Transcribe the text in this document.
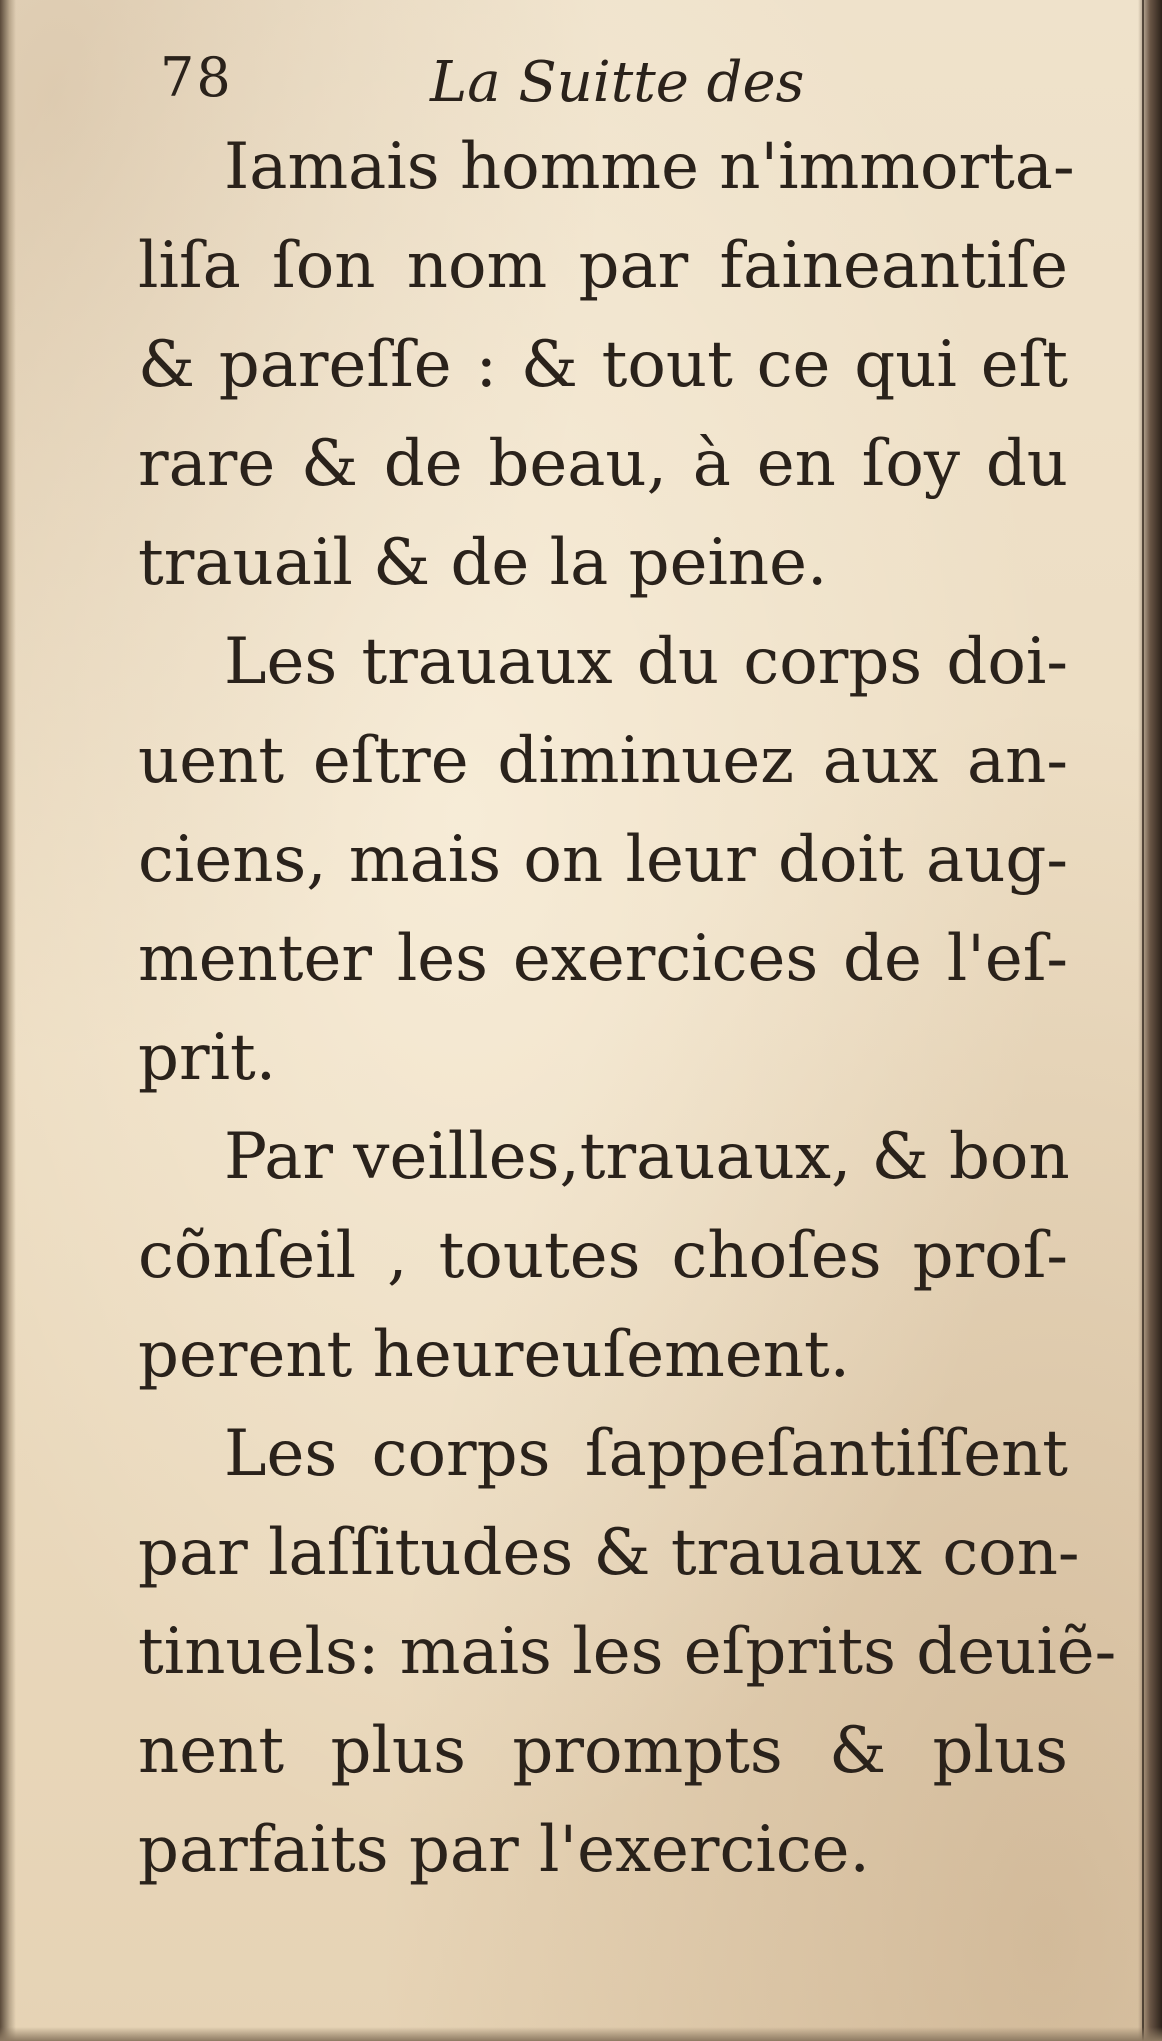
78	La Suitte des
Iamais homme n'immorta-
liſa ſon nom par faineantiſe
& pareſſe : & tout ce qui eſt
rare & de beau, à en ſoy du
trauail & de la peine.
Les trauaux du corps doi-
uent eſtre diminuez aux an-
ciens, mais on leur doit aug-
menter les exercices de l'eſ-
prit.
Par veilles,trauaux, & bon
cõnſeil , toutes choſes proſ-
perent heureuſement.
Les corps ſappeſantiſſent
par laſſitudes & trauaux con-
tinuels: mais les eſprits deuiẽ-
nent plus prompts & plus
parfaits par l'exercice.
